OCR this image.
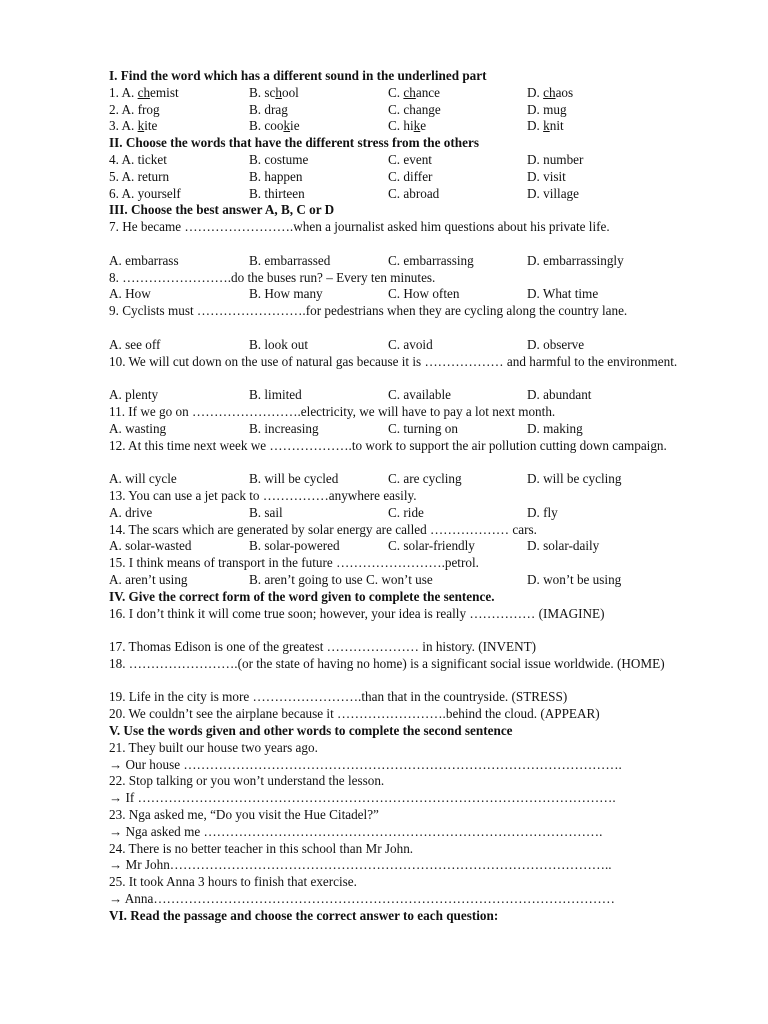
I. Find the word which has a different sound in the underlined part
1. A. chemist	B. school	C. chance	D. chaos
2. A. frog	B. drag	C. change	D. mug
3. A. kite	B. cookie	C. hike	D. knit
II. Choose the words that have the different stress from the others
4. A. ticket	B. costume	C. event	D. number
5. A. return	B. happen	C. differ	D. visit
6. A. yourself	B. thirteen	C. abroad	D. village
III. Choose the best answer A, B, C or D
7. He became …………………….when a journalist asked him questions about his private life.
A. embarrass	B. embarrassed	C. embarrassing	D. embarrassingly
8. …………………….do the buses run? – Every ten minutes.
A. How	B. How many	C. How often	D. What time
9. Cyclists must …………………….for pedestrians when they are cycling along the country lane.
A. see off	B. look out	C. avoid	D. observe
10. We will cut down on the use of natural gas because it is ……………… and harmful to the environment.
A. plenty	B. limited	C. available	D. abundant
11. If we go on …………………….electricity, we will have to pay a lot next month.
A. wasting	B. increasing	C. turning on	D. making
12. At this time next week we ……………….to work to support the air pollution cutting down campaign.
A. will cycle	B. will be cycled	C. are cycling	D. will be cycling
13. You can use a jet pack to ……………anywhere easily.
A. drive	B. sail	C. ride	D. fly
14. The scars which are generated by solar energy are called ……………… cars.
A. solar-wasted	B. solar-powered	C. solar-friendly	D. solar-daily
15. I think means of transport in the future …………………….petrol.
A. aren’t using	B. aren’t going to use C. won’t use	D. won’t be using
IV. Give the correct form of the word given to complete the sentence.
16. I don’t think it will come true soon; however, your idea is really …………… (IMAGINE)
17. Thomas Edison is one of the greatest ………………… in history. (INVENT)
18. …………………….(or the state of having no home) is a significant social issue worldwide. (HOME)
19. Life in the city is more …………………….than that in the countryside. (STRESS)
20. We couldn’t see the airplane because it …………………….behind the cloud. (APPEAR)
V. Use the words given and other words to complete the second sentence
21. They built our house two years ago.
→ Our house ……………………………………………………………………………………….
22. Stop talking or you won’t understand the lesson.
→ If ……………………………………………………………………………………………….
23. Nga asked me, “Do you visit the Hue Citadel?”
→ Nga asked me ……………………………………………………………………………….
24. There is no better teacher in this school than Mr John.
→ Mr John………………………………………………………………………………………..
25. It took Anna 3 hours to finish that exercise.
→ Anna……………………………………………………………………………………………
VI. Read the passage and choose the correct answer to each question:
